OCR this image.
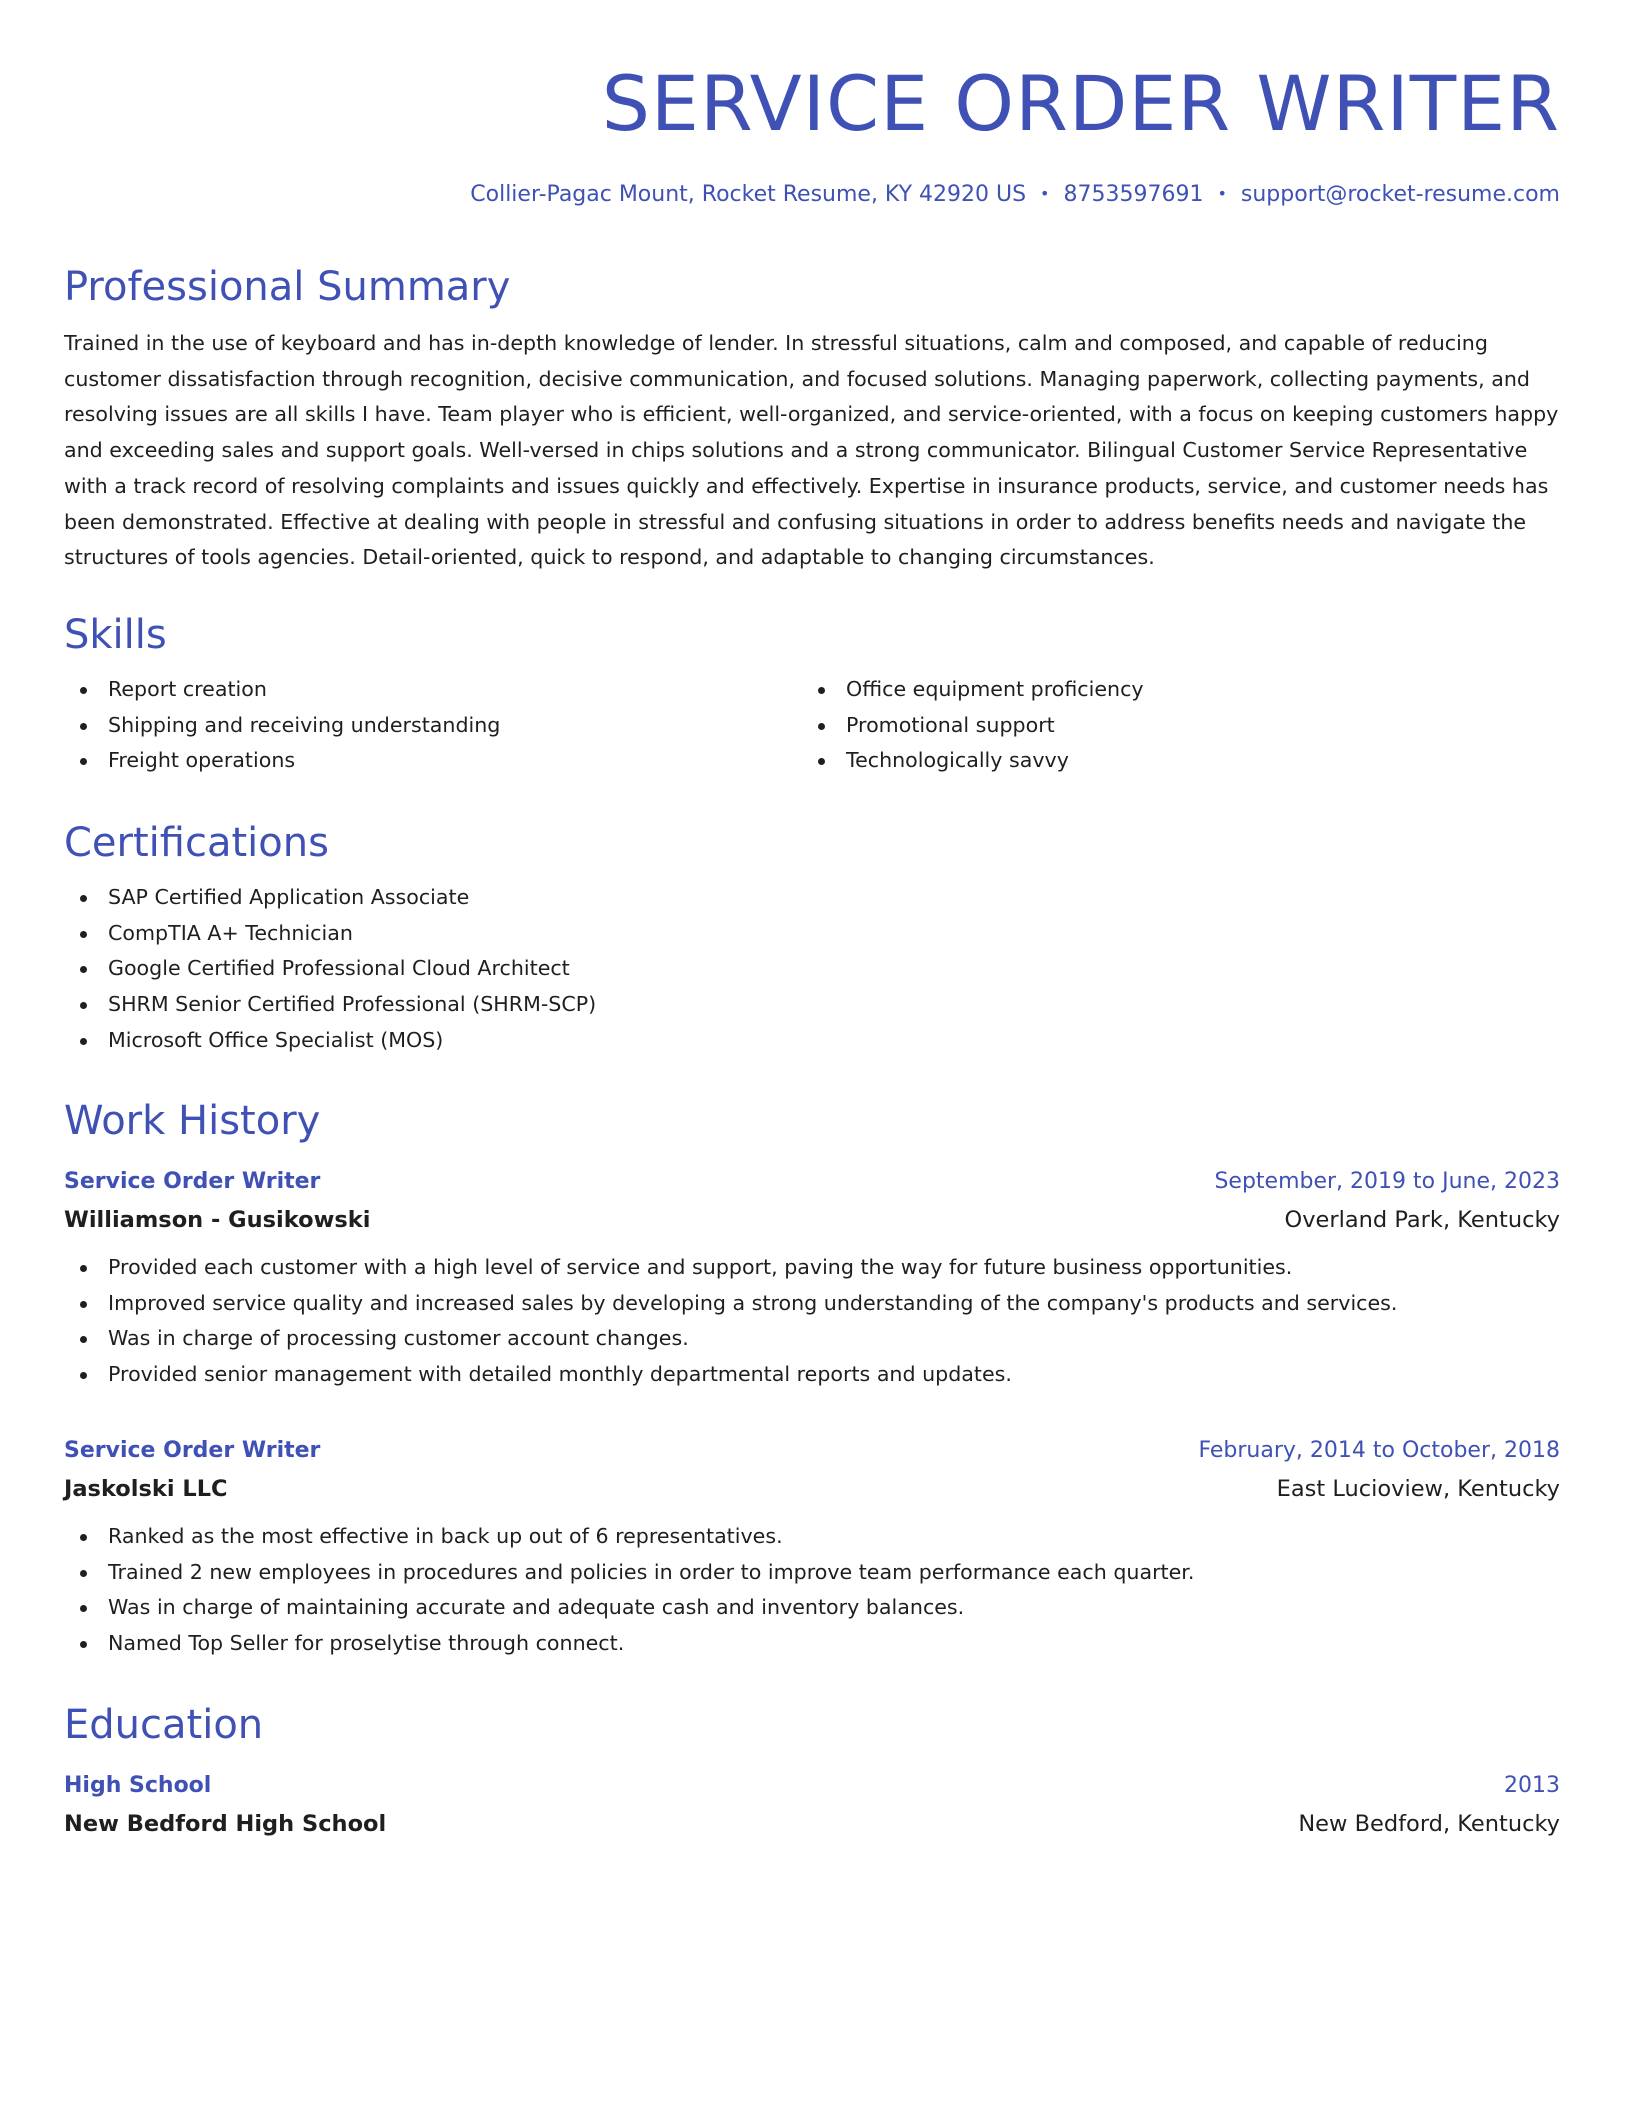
SERVICE ORDER WRITER
Collier-Pagac Mount, Rocket Resume, KY 42920 US • 8753597691 • support@rocket-resume.com
Professional Summary

Trained in the use of keyboard and has in-depth knowledge of lender. In stressful situations, calm and composed, and capable of reducing customer dissatisfaction through recognition, decisive communication, and focused solutions. Managing paperwork, collecting payments, and resolving issues are all skills I have. Team player who is efficient, well-organized, and service-oriented, with a focus on keeping customers happy and exceeding sales and support goals. Well-versed in chips solutions and a strong communicator. Bilingual Customer Service Representative with a track record of resolving complaints and issues quickly and effectively. Expertise in insurance products, service, and customer needs has been demonstrated. Effective at dealing with people in stressful and confusing situations in order to address benefits needs and navigate the structures of tools agencies. Detail-oriented, quick to respond, and adaptable to changing circumstances.

Skills
Report creation
Shipping and receiving understanding
Freight operations
Office equipment proficiency
Promotional support
Technologically savvy
Certifications
SAP Certified Application Associate
CompTIA A+ Technician
Google Certified Professional Cloud Architect
SHRM Senior Certified Professional (SHRM-SCP)
Microsoft Office Specialist (MOS)
Work History
Service Order Writer	September, 2019 to June, 2023
Williamson - Gusikowski	Overland Park, Kentucky
Provided each customer with a high level of service and support, paving the way for future business opportunities.
Improved service quality and increased sales by developing a strong understanding of the company's products and services.
Was in charge of processing customer account changes.
Provided senior management with detailed monthly departmental reports and updates.
Service Order Writer	February, 2014 to October, 2018
Jaskolski LLC	East Lucioview, Kentucky
Ranked as the most effective in back up out of 6 representatives.
Trained 2 new employees in procedures and policies in order to improve team performance each quarter.
Was in charge of maintaining accurate and adequate cash and inventory balances.
Named Top Seller for proselytise through connect.
Education
High School	2013
New Bedford High School	New Bedford, Kentucky
